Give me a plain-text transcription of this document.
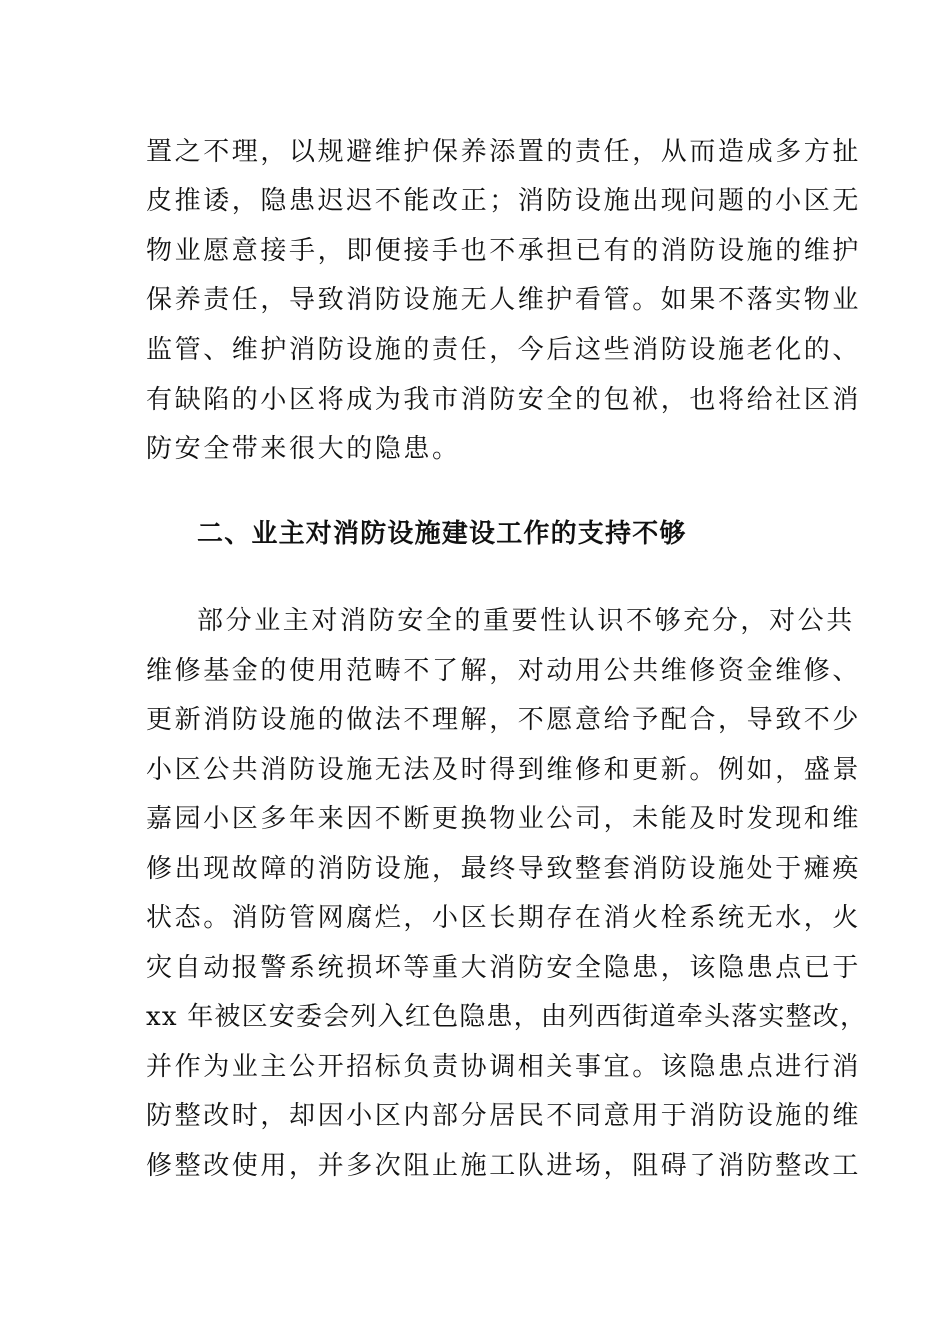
置之不理，以规避维护保养添置的责任，从而造成多方扯
皮推诿，隐患迟迟不能改正；消防设施出现问题的小区无
物业愿意接手，即便接手也不承担已有的消防设施的维护
保养责任，导致消防设施无人维护看管。如果不落实物业
监管、维护消防设施的责任，今后这些消防设施老化的、
有缺陷的小区将成为我市消防安全的包袱，也将给社区消
防安全带来很大的隐患。
二、业主对消防设施建设工作的支持不够
部分业主对消防安全的重要性认识不够充分，对公共
维修基金的使用范畴不了解，对动用公共维修资金维修、
更新消防设施的做法不理解，不愿意给予配合，导致不少
小区公共消防设施无法及时得到维修和更新。例如，盛景
嘉园小区多年来因不断更换物业公司，未能及时发现和维
修出现故障的消防设施，最终导致整套消防设施处于瘫痪
状态。消防管网腐烂，小区长期存在消火栓系统无水，火
灾自动报警系统损坏等重大消防安全隐患，该隐患点已于
xx 年被区安委会列入红色隐患，由列西街道牵头落实整改，
并作为业主公开招标负责协调相关事宜。该隐患点进行消
防整改时，却因小区内部分居民不同意用于消防设施的维
修整改使用，并多次阻止施工队进场，阻碍了消防整改工
